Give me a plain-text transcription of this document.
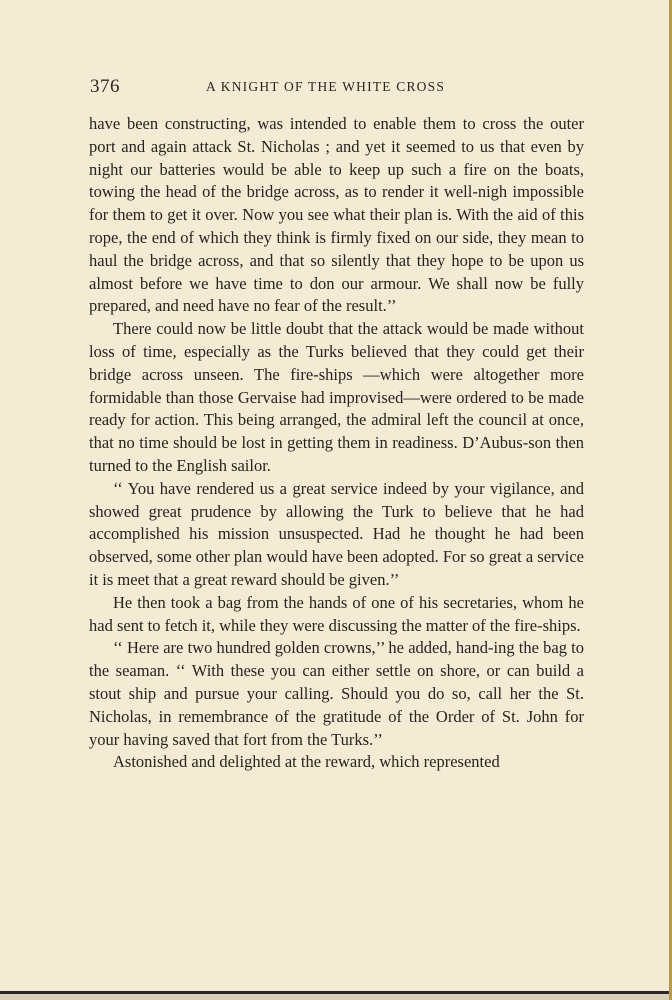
376	A KNIGHT OF THE WHITE CROSS

have been constructing, was intended to enable them to cross the outer port and again attack St. Nicholas ; and yet it seemed to us that even by night our batteries would be able to keep up such a fire on the boats, towing the head of the bridge across, as to render it well-nigh impossible for them to get it over. Now you see what their plan is. With the aid of this rope, the end of which they think is firmly fixed on our side, they mean to haul the bridge across, and that so silently that they hope to be upon us almost before we have time to don our armour. We shall now be fully prepared, and need have no fear of the result.’’

There could now be little doubt that the attack would be made without loss of time, especially as the Turks believed that they could get their bridge across unseen. The fire-ships —which were altogether more formidable than those Gervaise had improvised—were ordered to be made ready for action. This being arranged, the admiral left the council at once, that no time should be lost in getting them in readiness. D’Aubus-son then turned to the English sailor.

‘‘ You have rendered us a great service indeed by your vigilance, and showed great prudence by allowing the Turk to believe that he had accomplished his mission unsuspected. Had he thought he had been observed, some other plan would have been adopted. For so great a service it is meet that a great reward should be given.’’

He then took a bag from the hands of one of his secretaries, whom he had sent to fetch it, while they were discussing the matter of the fire-ships.

‘‘ Here are two hundred golden crowns,’’ he added, hand-ing the bag to the seaman. ‘‘ With these you can either settle on shore, or can build a stout ship and pursue your calling. Should you do so, call her the St. Nicholas, in remembrance of the gratitude of the Order of St. John for your having saved that fort from the Turks.’’

Astonished and delighted at the reward, which represented
